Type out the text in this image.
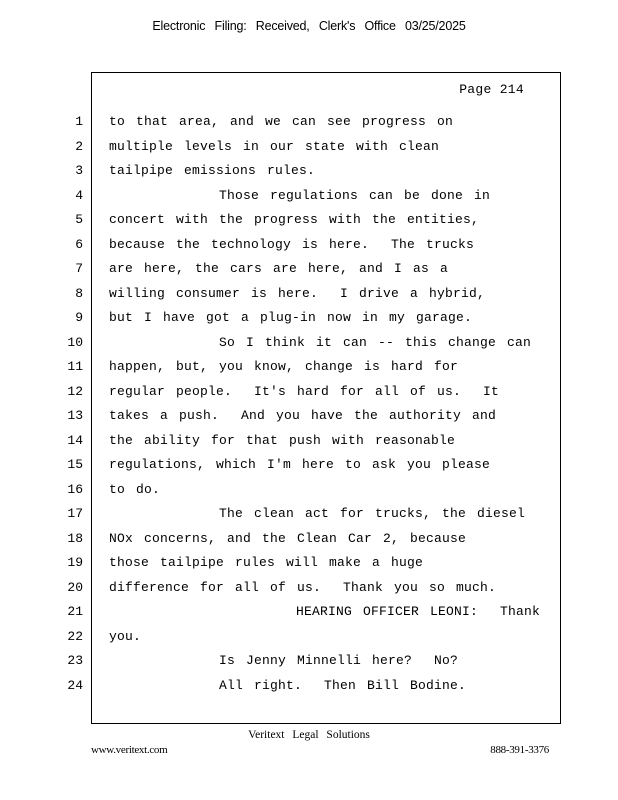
Electronic Filing: Received, Clerk's Office 03/25/2025
Page 214
1 to that area, and we can see progress on
2 multiple levels in our state with clean
3 tailpipe emissions rules.
4 Those regulations can be done in
5 concert with the progress with the entities,
6 because the technology is here.  The trucks
7 are here, the cars are here, and I as a
8 willing consumer is here.  I drive a hybrid,
9 but I have got a plug-in now in my garage.
10 So I think it can -- this change can
11 happen, but, you know, change is hard for
12 regular people.  It's hard for all of us.  It
13 takes a push.  And you have the authority and
14 the ability for that push with reasonable
15 regulations, which I'm here to ask you please
16 to do.
17 The clean act for trucks, the diesel
18 NOx concerns, and the Clean Car 2, because
19 those tailpipe rules will make a huge
20 difference for all of us.  Thank you so much.
21 HEARING OFFICER LEONI:  Thank
22 you.
23 Is Jenny Minnelli here?  No?
24 All right.  Then Bill Bodine.
Veritext Legal Solutions
www.veritext.com	888-391-3376
